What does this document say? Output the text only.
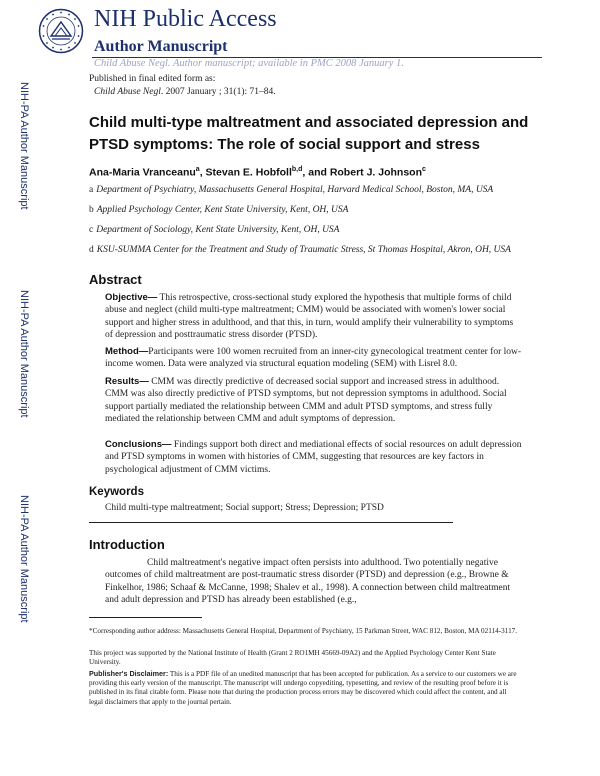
NIH Public Access
Author Manuscript
Child Abuse Negl. Author manuscript; available in PMC 2008 January 1.
NIH-PA Author Manuscript
NIH-PA Author Manuscript
NIH-PA Author Manuscript
Published in final edited form as:
Child Abuse Negl. 2007 January ; 31(1): 71–84.
Child multi-type maltreatment and associated depression and PTSD symptoms: The role of social support and stress
Ana-Maria Vranceanu$^a$, Stevan E. Hobfoll$^{b,d}$, and Robert J. Johnson$^c$
a Department of Psychiatry, Massachusetts General Hospital, Harvard Medical School, Boston, MA, USA
b Applied Psychology Center, Kent State University, Kent, OH, USA
c Department of Sociology, Kent State University, Kent, OH, USA
d KSU-SUMMA Center for the Treatment and Study of Traumatic Stress, St Thomas Hospital, Akron, OH, USA
Abstract
Objective— This retrospective, cross-sectional study explored the hypothesis that multiple forms of child abuse and neglect (child multi-type maltreatment; CMM) would be associated with women's lower social support and higher stress in adulthood, and that this, in turn, would amplify their vulnerability to symptoms of depression and posttraumatic stress disorder (PTSD).
Method—Participants were 100 women recruited from an inner-city gynecological treatment center for low-income women. Data were analyzed via structural equation modeling (SEM) with Lisrel 8.0.
Results— CMM was directly predictive of decreased social support and increased stress in adulthood. CMM was also directly predictive of PTSD symptoms, but not depression symptoms in adulthood. Social support partially mediated the relationship between CMM and adult PTSD symptoms, and stress fully mediated the relationship between CMM and adult symptoms of depression.
Conclusions— Findings support both direct and mediational effects of social resources on adult depression and PTSD symptoms in women with histories of CMM, suggesting that resources are key factors in psychological adjustment of CMM victims.
Keywords
Child multi-type maltreatment; Social support; Stress; Depression; PTSD
Introduction
Child maltreatment's negative impact often persists into adulthood. Two potentially negative outcomes of child maltreatment are post-traumatic stress disorder (PTSD) and depression (e.g., Browne & Finkelhor, 1986; Schaaf & McCanne, 1998; Shalev et al., 1998). A connection between child maltreatment and adult depression and PTSD has already been established (e.g.,
*Corresponding author address: Massachusetts General Hospital, Department of Psychiatry, 15 Parkman Street, WAC 812, Boston, MA 02114-3117.
This project was supported by the National Institute of Health (Grant 2 RO1MH 45669-09A2) and the Applied Psychology Center Kent State University.
Publisher's Disclaimer: This is a PDF file of an unedited manuscript that has been accepted for publication. As a service to our customers we are providing this early version of the manuscript. The manuscript will undergo copyediting, typesetting, and review of the resulting proof before it is published in its final citable form. Please note that during the production process errors may be discovered which could affect the content, and all legal disclaimers that apply to the journal pertain.
